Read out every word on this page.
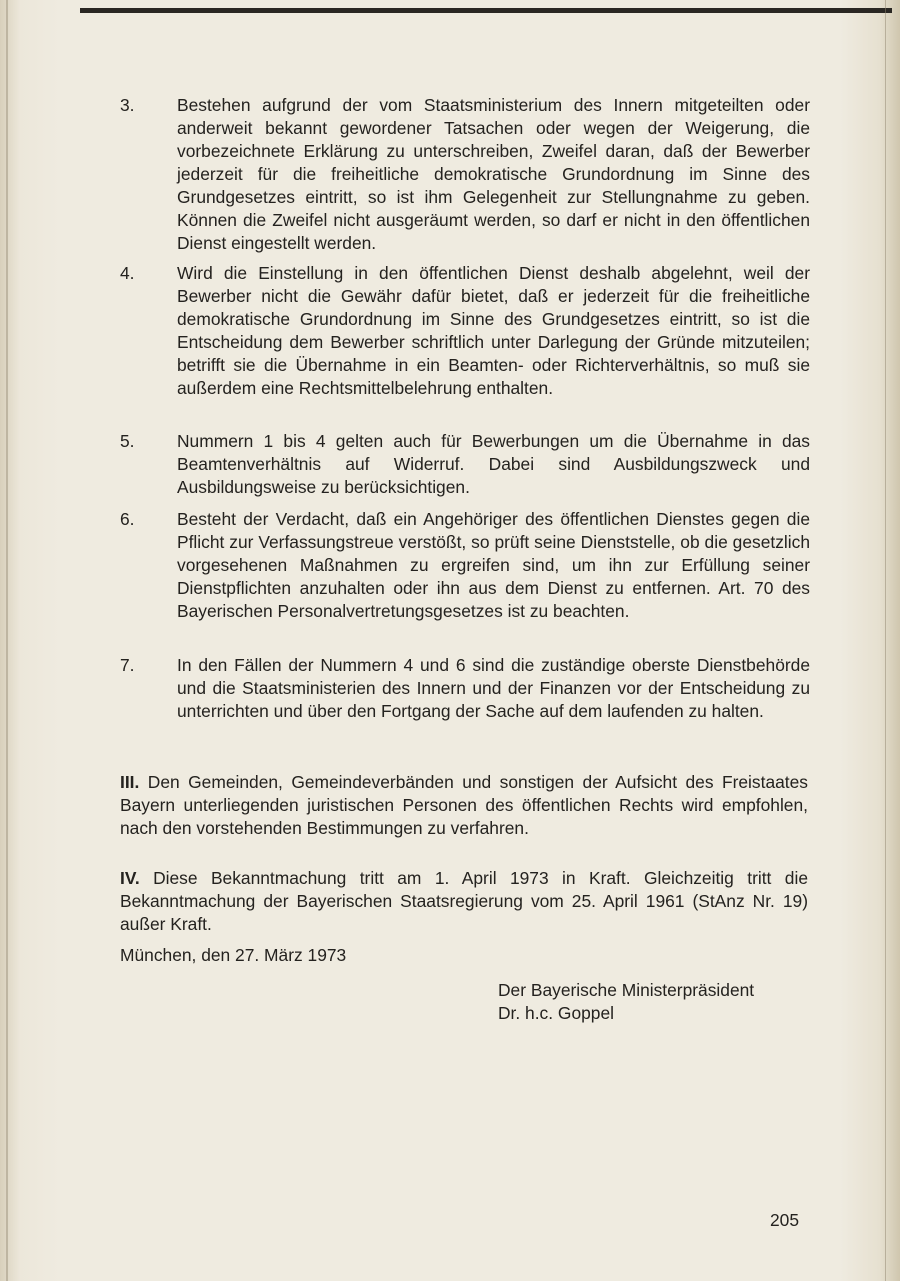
3.	Bestehen aufgrund der vom Staatsministerium des Innern mitgeteilten oder anderweit bekannt gewordener Tatsachen oder wegen der Weigerung, die vorbezeichnete Erklärung zu unterschreiben, Zweifel daran, daß der Bewerber jederzeit für die freiheitliche demokratische Grundordnung im Sinne des Grundgesetzes eintritt, so ist ihm Gelegenheit zur Stellungnahme zu geben. Können die Zweifel nicht ausgeräumt werden, so darf er nicht in den öffentlichen Dienst eingestellt werden.
4.	Wird die Einstellung in den öffentlichen Dienst deshalb abgelehnt, weil der Bewerber nicht die Gewähr dafür bietet, daß er jederzeit für die freiheitliche demokratische Grundordnung im Sinne des Grundgesetzes eintritt, so ist die Entscheidung dem Bewerber schriftlich unter Darlegung der Gründe mitzuteilen; betrifft sie die Übernahme in ein Beamten- oder Richterverhältnis, so muß sie außerdem eine Rechtsmittelbelehrung enthalten.
5.	Nummern 1 bis 4 gelten auch für Bewerbungen um die Übernahme in das Beamtenverhältnis auf Widerruf. Dabei sind Ausbildungszweck und Ausbildungsweise zu berücksichtigen.
6.	Besteht der Verdacht, daß ein Angehöriger des öffentlichen Dienstes gegen die Pflicht zur Verfassungstreue verstößt, so prüft seine Dienststelle, ob die gesetzlich vorgesehenen Maßnahmen zu ergreifen sind, um ihn zur Erfüllung seiner Dienstpflichten anzuhalten oder ihn aus dem Dienst zu entfernen. Art. 70 des Bayerischen Personalvertretungsgesetzes ist zu beachten.
7.	In den Fällen der Nummern 4 und 6 sind die zuständige oberste Dienstbehörde und die Staatsministerien des Innern und der Finanzen vor der Entscheidung zu unterrichten und über den Fortgang der Sache auf dem laufenden zu halten.
III. Den Gemeinden, Gemeindeverbänden und sonstigen der Aufsicht des Freistaates Bayern unterliegenden juristischen Personen des öffentlichen Rechts wird empfohlen, nach den vorstehenden Bestimmungen zu verfahren.
IV. Diese Bekanntmachung tritt am 1. April 1973 in Kraft. Gleichzeitig tritt die Bekanntmachung der Bayerischen Staatsregierung vom 25. April 1961 (StAnz Nr. 19) außer Kraft.
München, den 27. März 1973
Der Bayerische Ministerpräsident
Dr. h.c. Goppel
205
